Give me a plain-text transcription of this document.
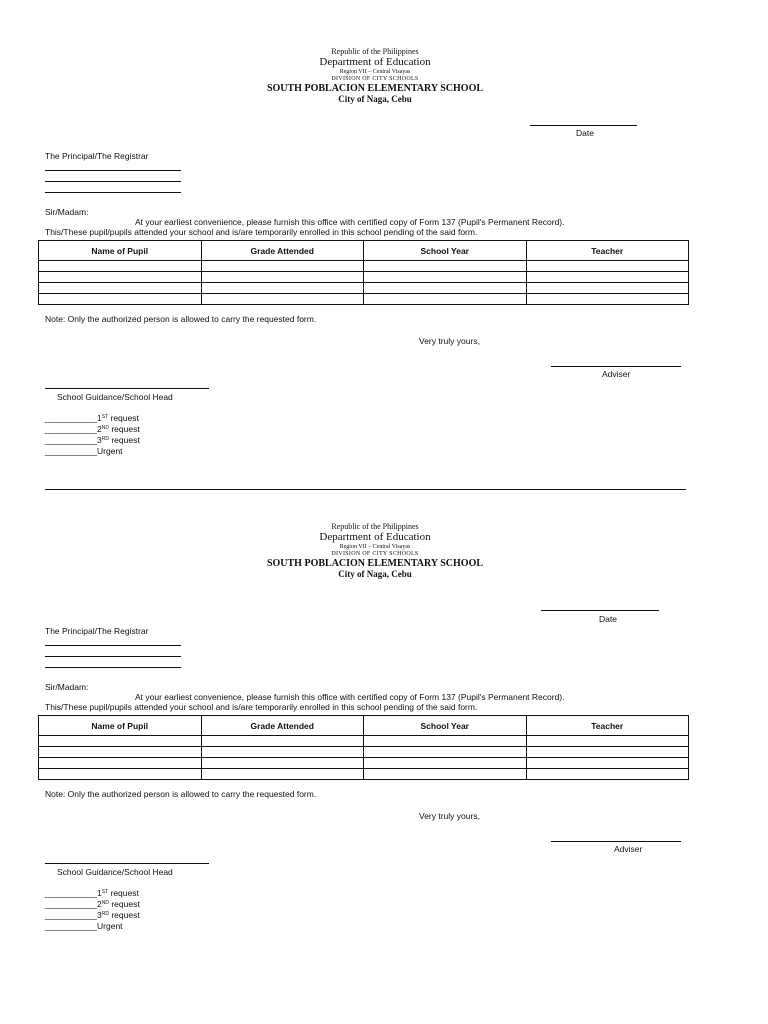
Republic of the Philippines
Department of Education
Region VII – Central Visayas
DIVISION OF CITY SCHOOLS
SOUTH POBLACION ELEMENTARY SCHOOL
City of Naga, Cebu
Date
The Principal/The Registrar
Sir/Madam:
At your earliest convenience, please furnish this office with certified copy of Form 137 (Pupil's Permanent Record).
This/These pupil/pupils attended your school and is/are temporarily enrolled in this school pending of the said form.
Name of Pupil	Grade Attended	School Year	Teacher

Note: Only the authorized person is allowed to carry the requested form.
Very truly yours,
Adviser
School Guidance/School Head
___________1ST request
___________2ND request
___________3RD request
___________Urgent
Republic of the Philippines
Department of Education
Region VII – Central Visayas
DIVISION OF CITY SCHOOLS
SOUTH POBLACION ELEMENTARY SCHOOL
City of Naga, Cebu
Date
The Principal/The Registrar
Sir/Madam:
At your earliest convenience, please furnish this office with certified copy of Form 137 (Pupil's Permanent Record).
This/These pupil/pupils attended your school and is/are temporarily enrolled in this school pending of the said form.
Name of Pupil	Grade Attended	School Year	Teacher

Note: Only the authorized person is allowed to carry the requested form.
Very truly yours,
Adviser
School Guidance/School Head
___________1ST request
___________2ND request
___________3RD request
___________Urgent
